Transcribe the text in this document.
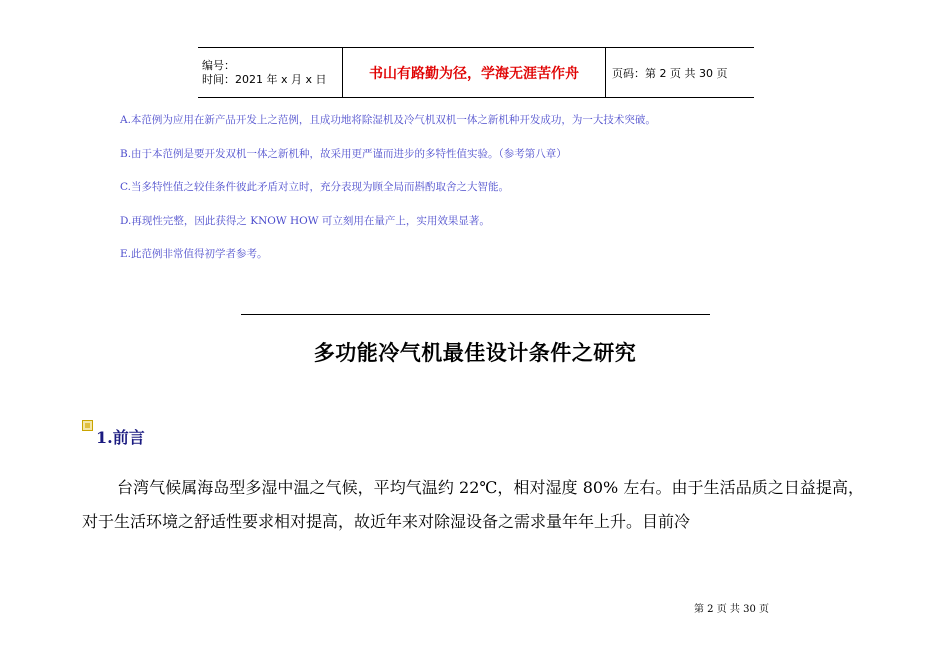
编号：
时间：2021 年 x 月 x 日	书山有路勤为径，学海无涯苦作舟	页码：第 2 页 共 30 页
A.本范例为应用在新产品开发上之范例，且成功地将除湿机及冷气机双机一体之新机种开发成功，为一大技术突破。
B.由于本范例是要开发双机一体之新机种，故采用更严谨而进步的多特性值实验。（参考第八章）
C.当多特性值之较佳条件彼此矛盾对立时，充分表现为顾全局而斟酌取舍之大智能。
D.再现性完整，因此获得之 KNOW HOW 可立刻用在量产上，实用效果显著。
E.此范例非常值得初学者参考。
多功能冷气机最佳设计条件之研究
1.前言
台湾气候属海岛型多湿中温之气候，平均气温约 22℃，相对湿度 80% 左右。由于生活品质之日益提高，对于生活环境之舒适性要求相对提高，故近年来对除湿设备之需求量年年上升。目前冷
第 2 页 共 30 页
